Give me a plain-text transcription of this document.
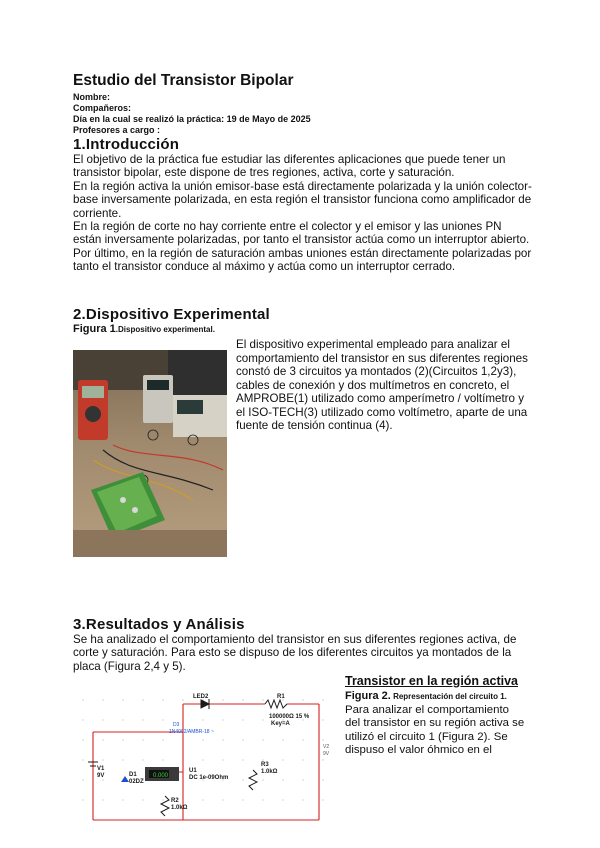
Estudio del Transistor Bipolar
Nombre:
Compañeros:
Día en la cual se realizó la práctica: 19 de Mayo de 2025
Profesores a cargo :
1.Introducción
El objetivo de la práctica fue estudiar las diferentes aplicaciones que puede tener un transistor bipolar, este dispone de tres regiones, activa, corte y saturación.
En la región activa la unión emisor-base está directamente polarizada y la unión colector-base inversamente polarizada, en esta región el transistor funciona como amplificador de corriente.
En la región de corte no hay corriente entre el colector y el emisor y las uniones PN están inversamente polarizadas, por tanto el transistor actúa como un interruptor abierto.
Por último, en la región de saturación ambas uniones están directamente polarizadas por tanto el transistor conduce al máximo y actúa como un interruptor cerrado.
2.Dispositivo Experimental
Figura 1.Dispositivo experimental.
El dispositivo experimental empleado para analizar el comportamiento del transistor en sus diferentes regiones constó de 3 circuitos ya montados (2)(Circuitos 1,2y3), cables de conexión y dos multímetros en concreto, el AMPROBE(1) utilizado como amperímetro / voltímetro y el ISO-TECH(3) utilizado como voltímetro, aparte de una fuente de tensión continua (4).
3.Resultados y Análisis
Se ha analizado el comportamiento del transistor en sus diferentes regiones activa, de corte y saturación. Para esto se dispuso de los diferentes circuitos ya montados de la placa (Figura 2,4 y 5).
Transistor en la región activa
Figura 2. Representación del circuito 1.
Para analizar el comportamiento del transistor en su región activa se utilizó el circuito 1 (Figura 2). Se dispuso el valor óhmico en el
0.000
LED2	R1
100000Ω 15 %
Key=A
V1
9V	D1
02DZ
U1
DC 1e-09Ohm
R3
1.0kΩ
R2
1.0kΩ
D3
1N4002/AMBR-18 ~
V2
9V
